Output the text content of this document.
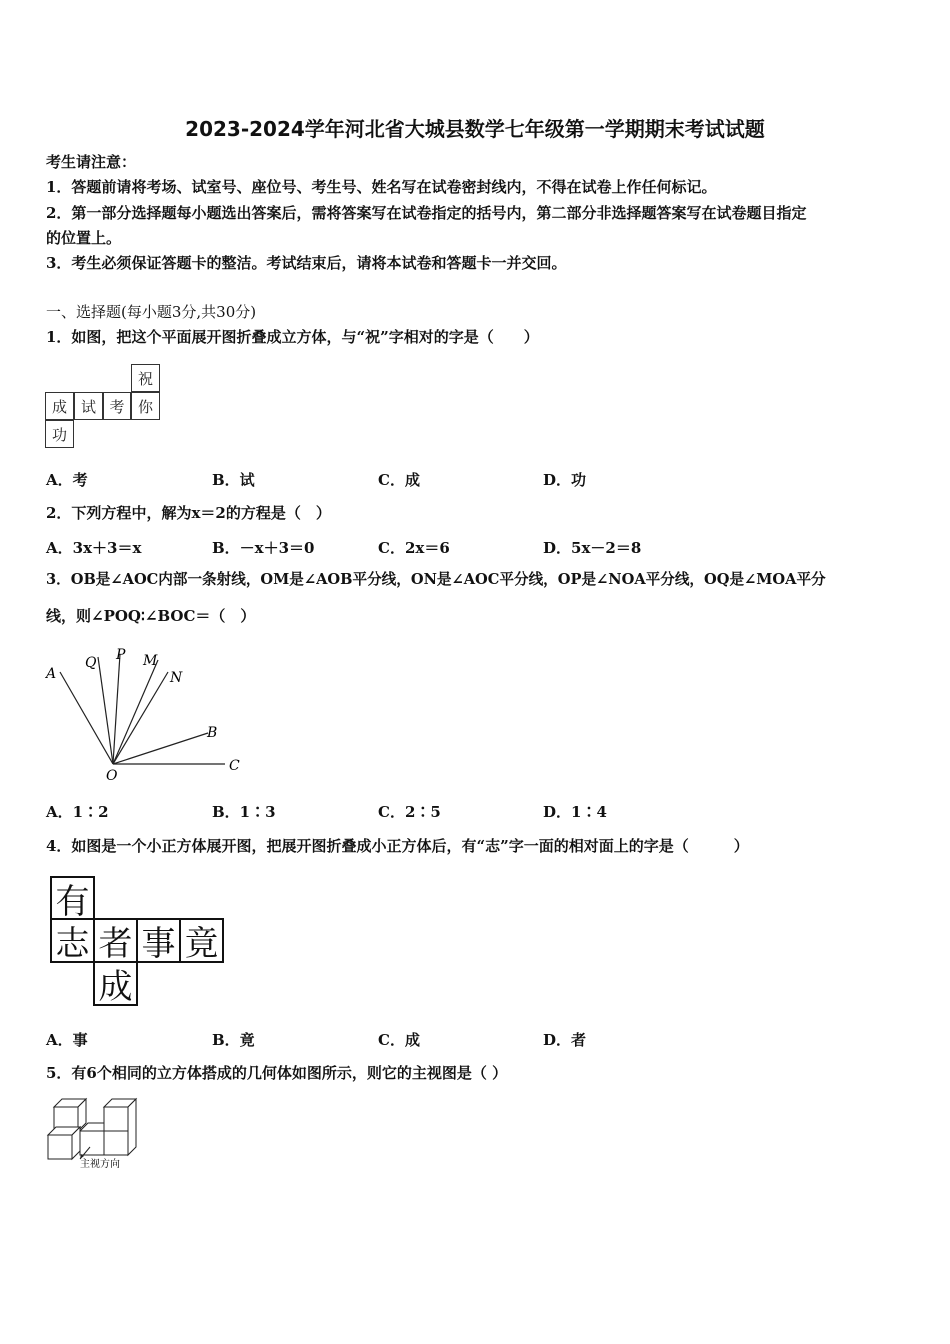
2023-2024学年河北省大城县数学七年级第一学期期末考试试题
考生请注意：
1．答题前请将考场、试室号、座位号、考生号、姓名写在试卷密封线内，不得在试卷上作任何标记。
2．第一部分选择题每小题选出答案后，需将答案写在试卷指定的括号内，第二部分非选择题答案写在试卷题目指定
的位置上。
3．考生必须保证答题卡的整洁。考试结束后，请将本试卷和答题卡一并交回。
一、选择题(每小题3分,共30分)
1．如图，把这个平面展开图折叠成立方体，与“祝”字相对的字是（　　）
祝
成 试 考 你
功
A．考	B．试	C．成	D．功
2．下列方程中，解为x＝2的方程是（　）
A．3x＋3＝x	B．－x＋3＝0	C．2x＝6	D．5x－2＝8
3．OB是∠AOC内部一条射线，OM是∠AOB平分线，ON是∠AOC平分线，OP是∠NOA平分线，OQ是∠MOA平分
线，则∠POQ∶∠BOC＝（　）
A
Q P M
N
B
C
O
A．1∶2	B．1∶3	C．2∶5	D．1∶4
4．如图是一个小正方体展开图，把展开图折叠成小正方体后，有“志”字一面的相对面上的字是（　　　）
有
志 者 事 竟
成
A．事	B．竟	C．成	D．者
5．有6个相同的立方体搭成的几何体如图所示，则它的主视图是（ ）
主视方向
